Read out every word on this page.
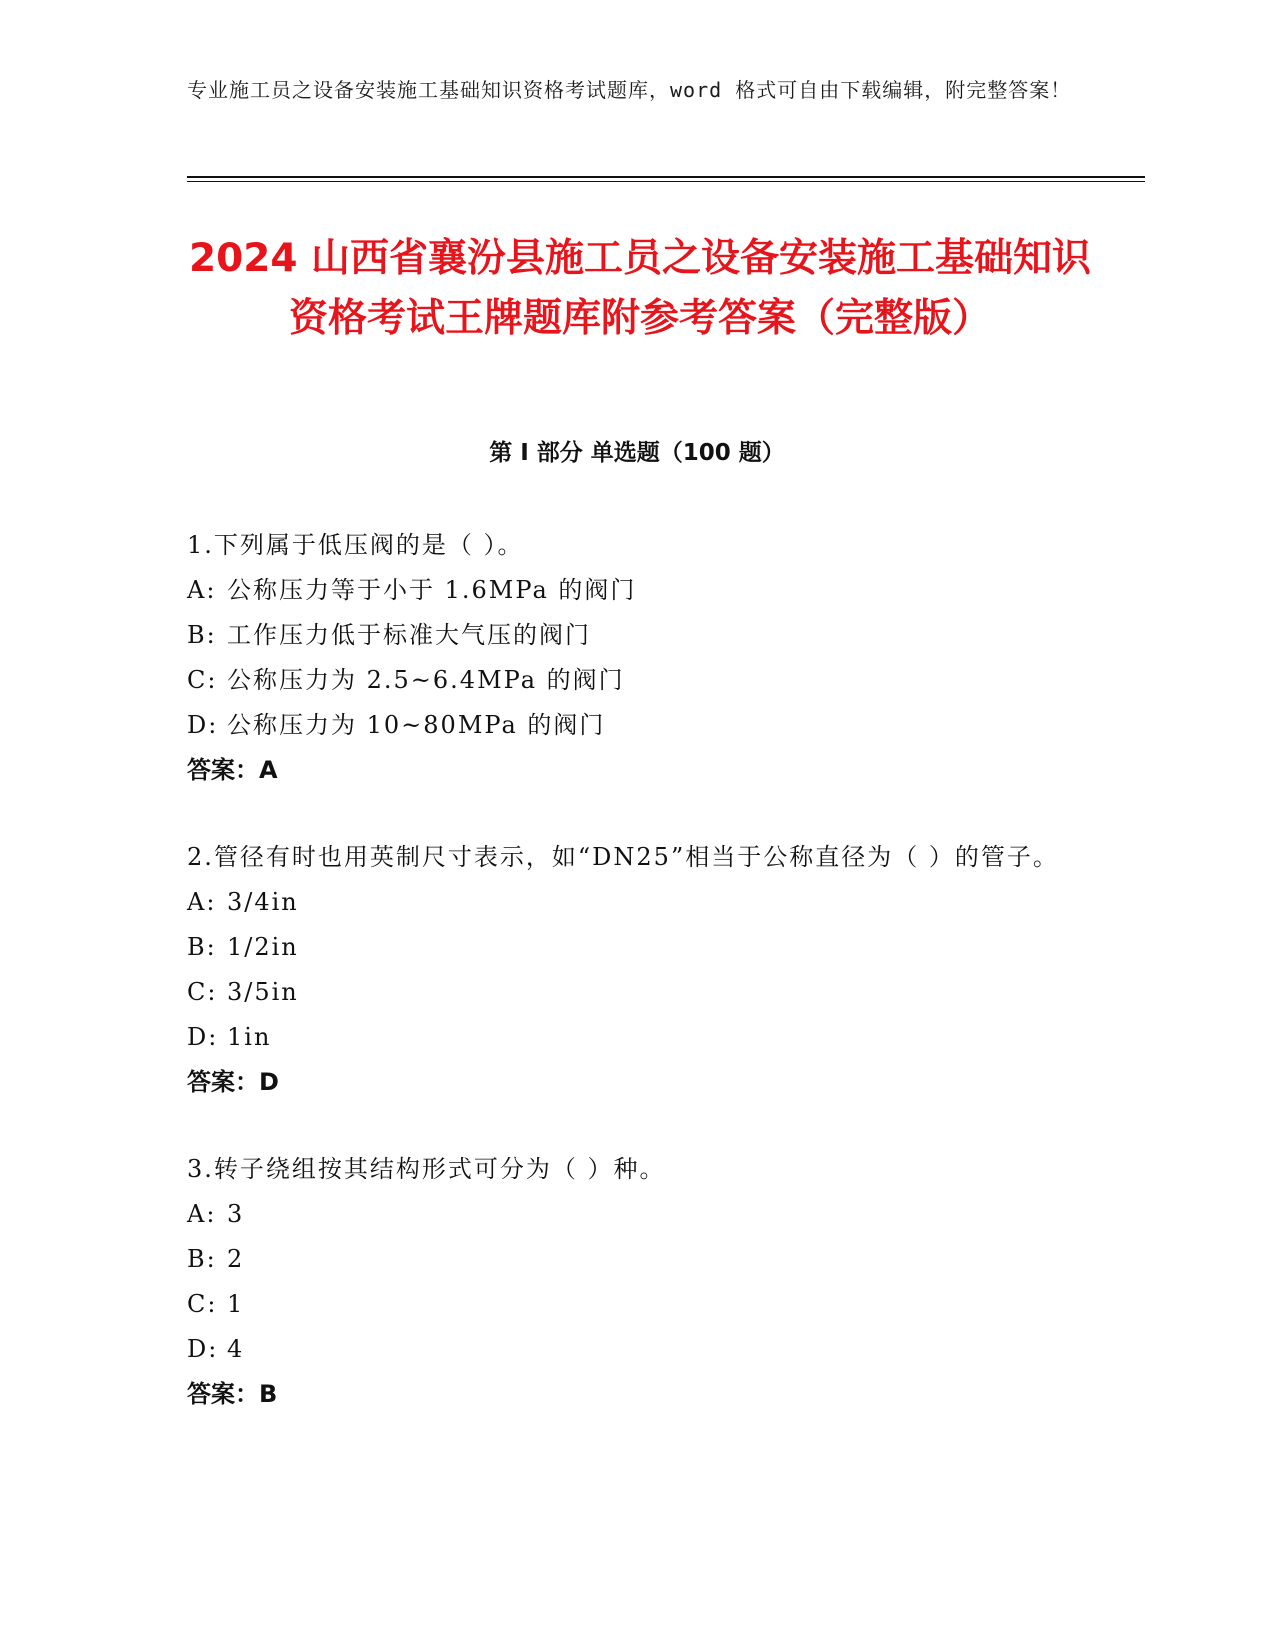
专业施工员之设备安装施工基础知识资格考试题库，word 格式可自由下载编辑，附完整答案！
2024 山西省襄汾县施工员之设备安装施工基础知识资格考试王牌题库附参考答案（完整版）
第 I 部分 单选题（100 题）
1.下列属于低压阀的是（ ）。
A: 公称压力等于小于 1.6MPa 的阀门
B: 工作压力低于标准大气压的阀门
C: 公称压力为 2.5~6.4MPa 的阀门
D: 公称压力为 10~80MPa 的阀门
答案：A
2.管径有时也用英制尺寸表示，如“DN25”相当于公称直径为（ ）的管子。
A: 3/4in
B: 1/2in
C: 3/5in
D: 1in
答案：D
3.转子绕组按其结构形式可分为（ ）种。
A: 3
B: 2
C: 1
D: 4
答案：B
